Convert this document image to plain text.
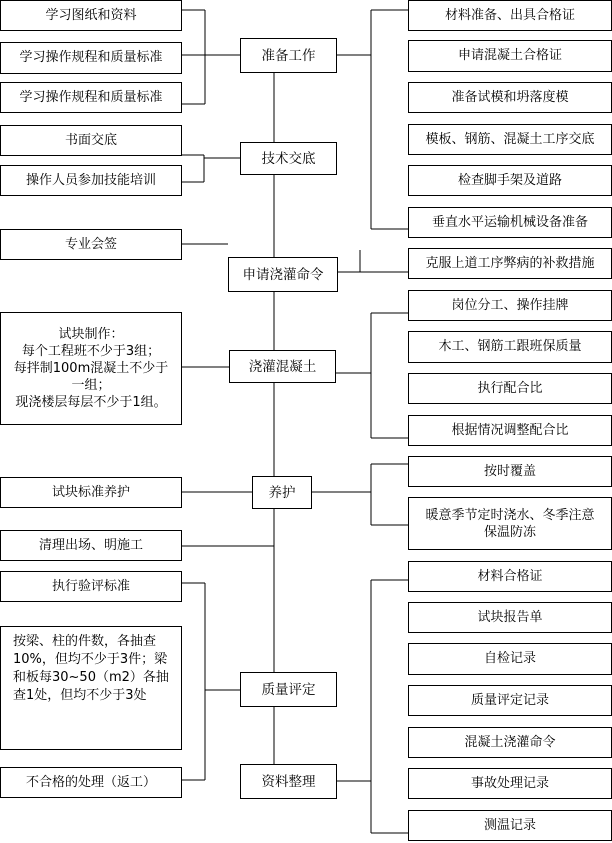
准备工作
技术交底
申请浇灌命令
浇灌混凝土
养护
质量评定
资料整理
学习图纸和资料
学习操作规程和质量标准
学习操作规程和质量标准
书面交底
操作人员参加技能培训
专业会签
试块制作：
每个工程班不少于3组；
每拌制100m混凝土不少于
一组；
现浇楼层每层不少于1组。
试块标准养护
清理出场、明施工
执行验评标准
按梁、柱的件数，各抽查
10%，但均不少于3件；梁
和板每30~50（m2）各抽
查1处，但均不少于3处
不合格的处理（返工）
材料准备、出具合格证
申请混凝土合格证
准备试模和坍落度模
模板、钢筋、混凝土工序交底
检查脚手架及道路
垂直水平运输机械设备准备
克服上道工序弊病的补救措施
岗位分工、操作挂牌
木工、钢筋工跟班保质量
执行配合比
根据情况调整配合比
按时覆盖
暖意季节定时浇水、冬季注意
保温防冻
材料合格证
试块报告单
自检记录
质量评定记录
混凝土浇灌命令
事故处理记录
测温记录
